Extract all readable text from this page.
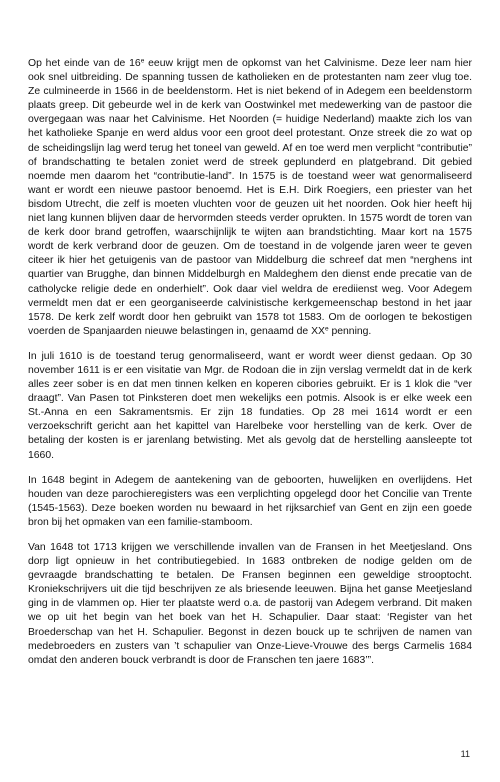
Op het einde van de 16e eeuw krijgt men de opkomst van het Calvinisme. Deze leer nam hier ook snel uitbreiding. De spanning tussen de katholieken en de protestanten nam zeer vlug toe. Ze culmineerde in 1566 in de beeldenstorm. Het is niet bekend of in Adegem een beeldenstorm plaats greep. Dit gebeurde wel in de kerk van Oostwinkel met medewerking van de pastoor die overgegaan was naar het Calvinisme. Het Noorden (= huidige Nederland) maakte zich los van het katholieke Spanje en werd aldus voor een groot deel protestant. Onze streek die zo wat op de scheidingslijn lag werd terug het toneel van geweld. Af en toe werd men verplicht “contributie” of brandschatting te betalen zoniet werd de streek geplunderd en platgebrand. Dit gebied noemde men daarom het “contributie-land”. In 1575 is de toestand weer wat genormaliseerd want er wordt een nieuwe pastoor benoemd. Het is E.H. Dirk Roegiers, een priester van het bisdom Utrecht, die zelf is moeten vluchten voor de geuzen uit het noorden. Ook hier heeft hij niet lang kunnen blijven daar de hervormden steeds verder oprukten. In 1575 wordt de toren van de kerk door brand getroffen, waarschijnlijk te wijten aan brandstichting. Maar kort na 1575 wordt de kerk verbrand door de geuzen. Om de toestand in de volgende jaren weer te geven citeer ik hier het getuigenis van de pastoor van Middelburg die schreef dat men “nerghens int quartier van Brugghe, dan binnen Middelburgh en Maldeghem den dienst ende precatie van de catholycke religie dede en onderhielt”. Ook daar viel weldra de erediienst weg. Voor Adegem vermeldt men dat er een georganiseerde calvinistische kerkgemeenschap bestond in het jaar 1578. De kerk zelf wordt door hen gebruikt van 1578 tot 1583. Om de oorlogen te bekostigen voerden de Spanjaarden nieuwe belastingen in, genaamd de XXe penning.

In juli 1610 is de toestand terug genormaliseerd, want er wordt weer dienst gedaan. Op 30 november 1611 is er een visitatie van Mgr. de Rodoan die in zijn verslag vermeldt dat in de kerk alles zeer sober is en dat men tinnen kelken en koperen cibories gebruikt. Er is 1 klok die “ver draagt”. Van Pasen tot Pinksteren doet men wekelijks een potmis. Alsook is er elke week een St.-Anna en een Sakramentsmis. Er zijn 18 fundaties. Op 28 mei 1614 wordt er een verzoekschrift gericht aan het kapittel van Harelbeke voor herstelling van de kerk. Over de betaling der kosten is er jarenlang betwisting. Met als gevolg dat de herstelling aansleepte tot 1660.

In 1648 begint in Adegem de aantekening van de geboorten, huwelijken en overlijdens. Het houden van deze parochieregisters was een verplichting opgelegd door het Concilie van Trente (1545-1563). Deze boeken worden nu bewaard in het rijksarchief van Gent en zijn een goede bron bij het opmaken van een familie-stamboom.

Van 1648 tot 1713 krijgen we verschillende invallen van de Fransen in het Meetjesland. Ons dorp ligt opnieuw in het contributiegebied. In 1683 ontbreken de nodige gelden om de gevraagde brandschatting te betalen. De Fransen beginnen een geweldige strooptocht. Kroniekschrijvers uit die tijd beschrijven ze als briesende leeuwen. Bijna het ganse Meetjesland ging in de vlammen op. Hier ter plaatste werd o.a. de pastorij van Adegem verbrand. Dit maken we op uit het begin van het boek van het H. Schapulier. Daar staat: ‘Register van het Broederschap van het H. Schapulier. Begonst in dezen bouck up te schrijven de namen van medebroeders en zusters van ’t schapulier van Onze-Lieve-Vrouwe des bergs Carmelis 1684 omdat den anderen bouck verbrandt is door de Franschen ten jaere 1683’”.

11
